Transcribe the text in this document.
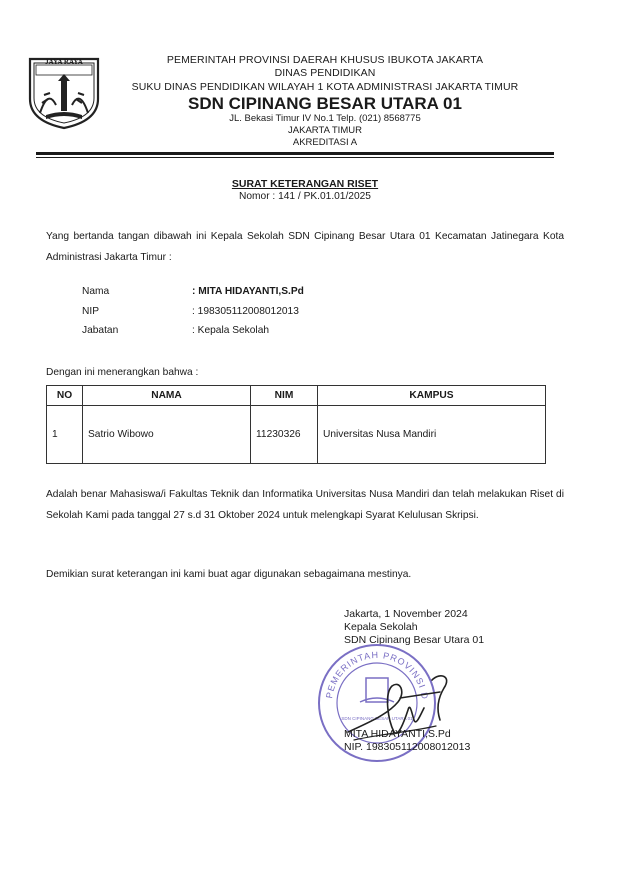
JAYA RAYA	PEMERINTAH PROVINSI DAERAH KHUSUS IBUKOTA JAKARTA
DINAS PENDIDIKAN
SUKU DINAS PENDIDIKAN WILAYAH 1 KOTA ADMINISTRASI JAKARTA TIMUR
SDN CIPINANG BESAR UTARA 01
JL. Bekasi Timur IV No.1 Telp. (021) 8568775
JAKARTA TIMUR
AKREDITASI A
SURAT KETERANGAN RISET
Nomor : 141 / PK.01.01/2025
Yang bertanda tangan dibawah ini Kepala Sekolah SDN Cipinang Besar Utara 01 Kecamatan Jatinegara Kota Administrasi Jakarta Timur :
Nama	: MITA HIDAYANTI,S.Pd
NIP	: 198305112008012013
Jabatan	: Kepala Sekolah
Dengan ini menerangkan bahwa :
NO	NAMA	NIM	KAMPUS
1	Satrio Wibowo	11230326	Universitas Nusa Mandiri
Adalah benar Mahasiswa/i Fakultas Teknik dan Informatika Universitas Nusa Mandiri dan telah melakukan Riset di Sekolah Kami pada tanggal 27 s.d 31 Oktober 2024 untuk melengkapi Syarat Kelulusan Skripsi.
Demikian surat keterangan ini kami buat agar digunakan sebagaimana mestinya.
Jakarta, 1 November 2024
Kepala Sekolah
SDN Cipinang Besar Utara 01
PEMERINTAH PROVINSI D
SDN CIPINANG BESAR UTARA 01
MITA HIDAYANTI,S.Pd
NIP. 198305112008012013
